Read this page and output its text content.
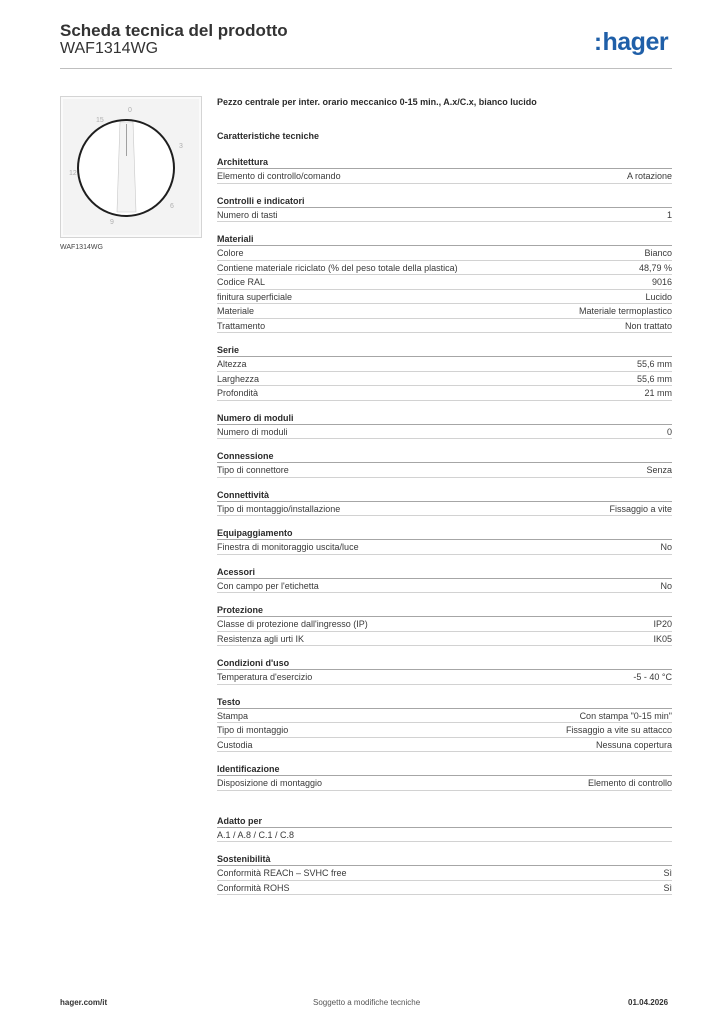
Scheda tecnica del prodotto
WAF1314WG	:hager
0
3
6
9
12
15
WAF1314WG
Pezzo centrale per inter. orario meccanico 0-15 min., A.x/C.x, bianco lucido
Caratteristiche tecniche
Architettura
Elemento di controllo/comando	A rotazione
Controlli e indicatori
Numero di tasti	1
Materiali
Colore	Bianco
Contiene materiale riciclato (% del peso totale della plastica)	48,79 %
Codice RAL	9016
finitura superficiale	Lucido
Materiale	Materiale termoplastico
Trattamento	Non trattato
Serie
Altezza	55,6 mm
Larghezza	55,6 mm
Profondità	21 mm
Numero di moduli
Numero di moduli	0
Connessione
Tipo di connettore	Senza
Connettività
Tipo di montaggio/installazione	Fissaggio a vite
Equipaggiamento
Finestra di monitoraggio uscita/luce	No
Acessori
Con campo per l'etichetta	No
Protezione
Classe di protezione dall'ingresso (IP)	IP20
Resistenza agli urti IK	IK05
Condizioni d'uso
Temperatura d'esercizio	-5 - 40 °C
Testo
Stampa	Con stampa "0-15 min"
Tipo di montaggio	Fissaggio a vite su attacco
Custodia	Nessuna copertura
Identificazione
Disposizione di montaggio	Elemento di controllo
Adatto per
A.1 / A.8 / C.1 / C.8
Sostenibilità
Conformità REACh – SVHC free	Sì
Conformità ROHS	Sì
hager.com/it	Soggetto a modifiche tecniche	01.04.2026
